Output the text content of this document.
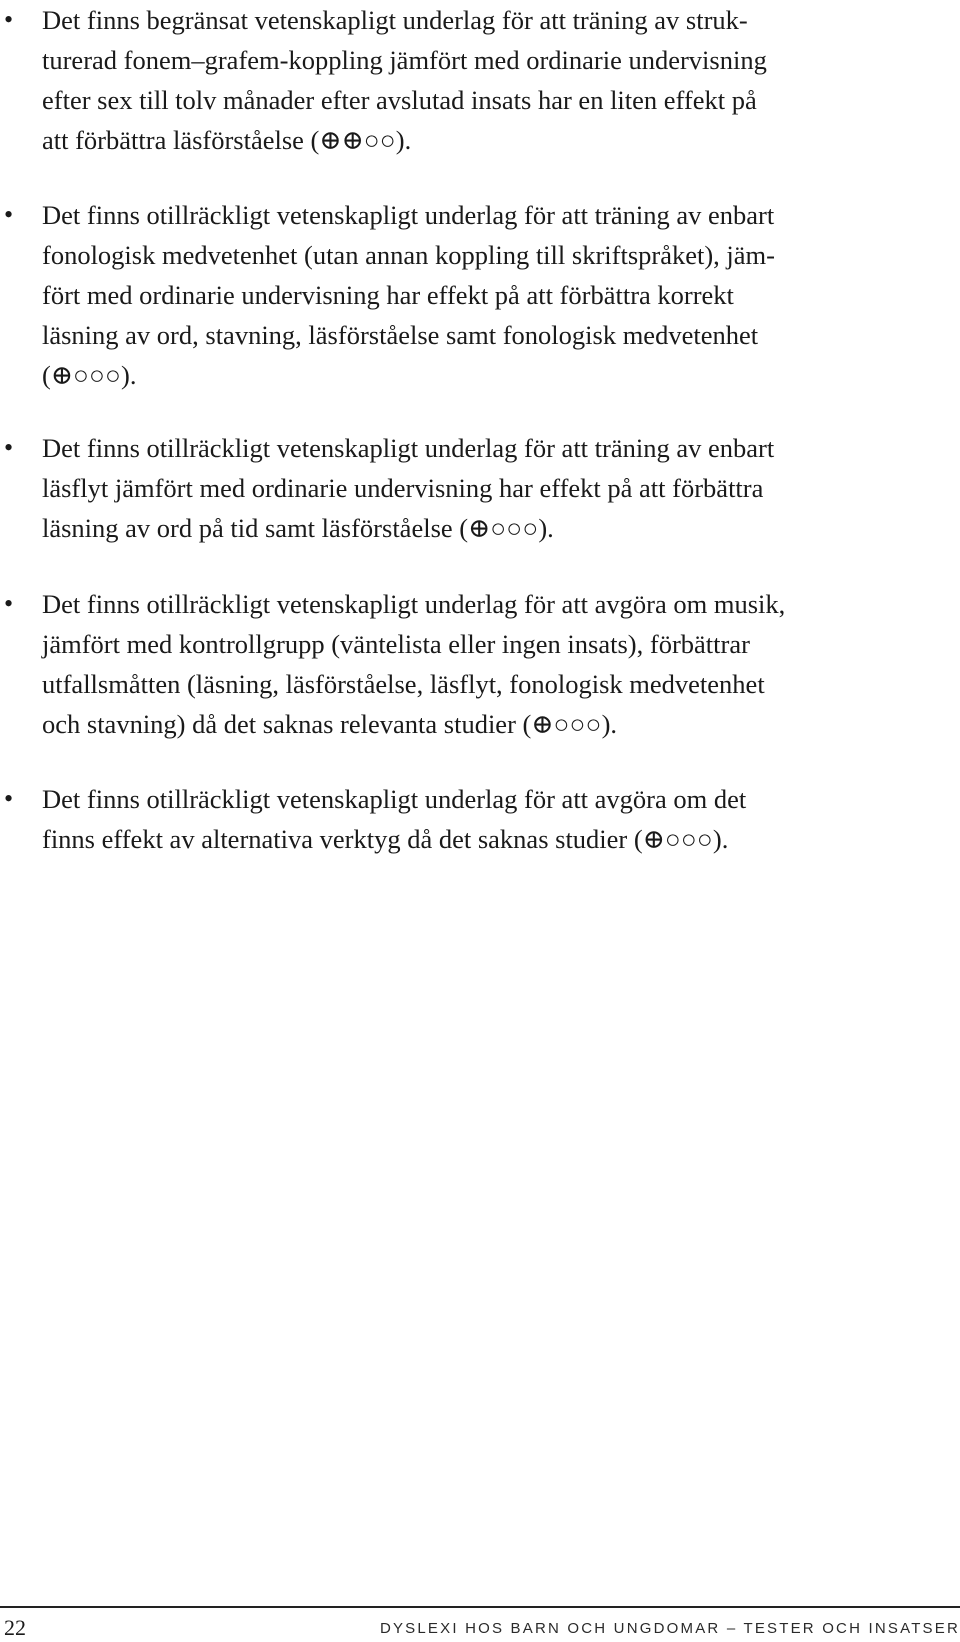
• Det finns begränsat vetenskapligt underlag för att träning av struk-
turerad fonem–grafem-koppling jämfört med ordinarie undervisning
efter sex till tolv månader efter avslutad insats har en liten effekt på
att förbättra läsförståelse (⊕⊕○○).
• Det finns otillräckligt vetenskapligt underlag för att träning av enbart
fonologisk medvetenhet (utan annan koppling till skriftspråket), jäm-
fört med ordinarie undervisning har effekt på att förbättra korrekt
läsning av ord, stavning, läsförståelse samt fonologisk medvetenhet
(⊕○○○).
• Det finns otillräckligt vetenskapligt underlag för att träning av enbart
läsflyt jämfört med ordinarie undervisning har effekt på att förbättra
läsning av ord på tid samt läsförståelse (⊕○○○).
• Det finns otillräckligt vetenskapligt underlag för att avgöra om musik,
jämfört med kontrollgrupp (väntelista eller ingen insats), förbättrar
utfallsmåtten (läsning, läsförståelse, läsflyt, fonologisk medvetenhet
och stavning) då det saknas relevanta studier (⊕○○○).
• Det finns otillräckligt vetenskapligt underlag för att avgöra om det
finns effekt av alternativa verktyg då det saknas studier (⊕○○○).
22	DYSLEXI HOS BARN OCH UNGDOMAR – TESTER OCH INSATSER
